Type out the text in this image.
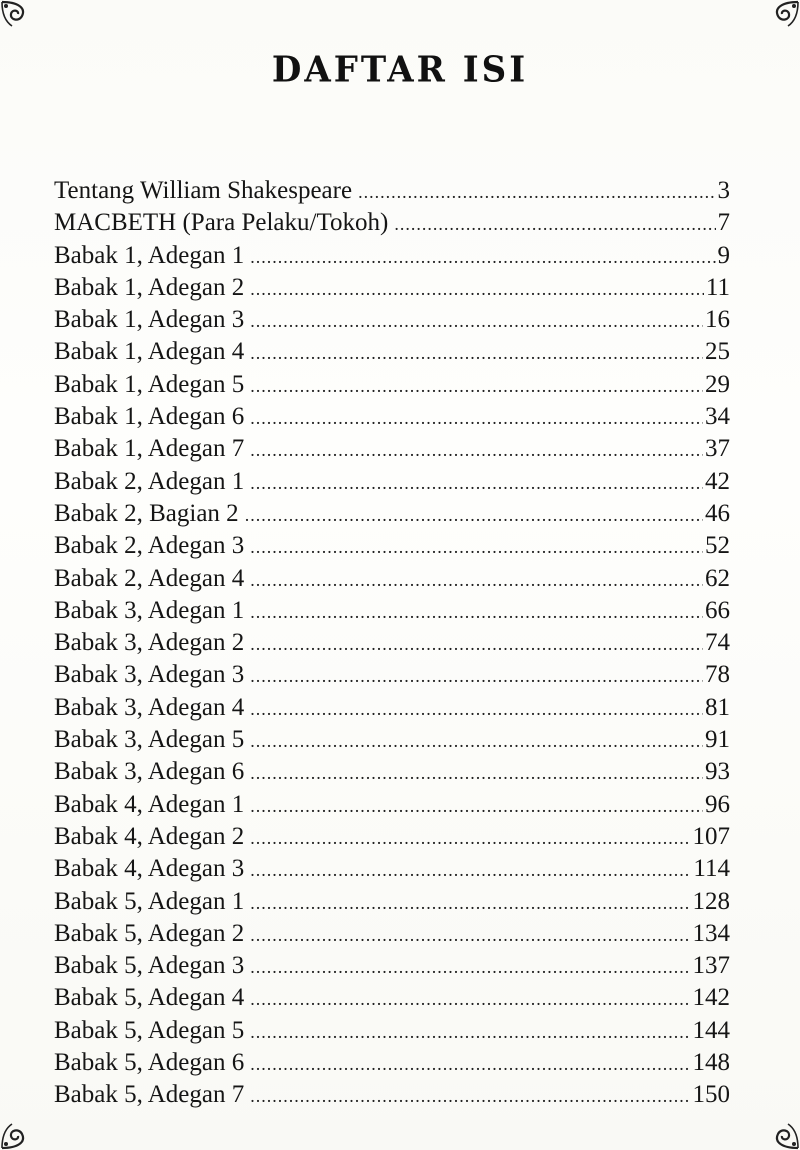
DAFTAR ISI
Tentang William Shakespeare .....	3
MACBETH (Para Pelaku/Tokoh) .....	7
Babak 1, Adegan 1 .....	9
Babak 1, Adegan 2 .....	11
Babak 1, Adegan 3 .....	16
Babak 1, Adegan 4 .....	25
Babak 1, Adegan 5 .....	29
Babak 1, Adegan 6 .....	34
Babak 1, Adegan 7 .....	37
Babak 2, Adegan 1 .....	42
Babak 2, Bagian 2 .....	46
Babak 2, Adegan 3 .....	52
Babak 2, Adegan 4 .....	62
Babak 3, Adegan 1 .....	66
Babak 3, Adegan 2 .....	74
Babak 3, Adegan 3 .....	78
Babak 3, Adegan 4 .....	81
Babak 3, Adegan 5 .....	91
Babak 3, Adegan 6 .....	93
Babak 4, Adegan 1 .....	96
Babak 4, Adegan 2 .....	107
Babak 4, Adegan 3 .....	114
Babak 5, Adegan 1 .....	128
Babak 5, Adegan 2 .....	134
Babak 5, Adegan 3 .....	137
Babak 5, Adegan 4 .....	142
Babak 5, Adegan 5 .....	144
Babak 5, Adegan 6 .....	148
Babak 5, Adegan 7 .....	150
